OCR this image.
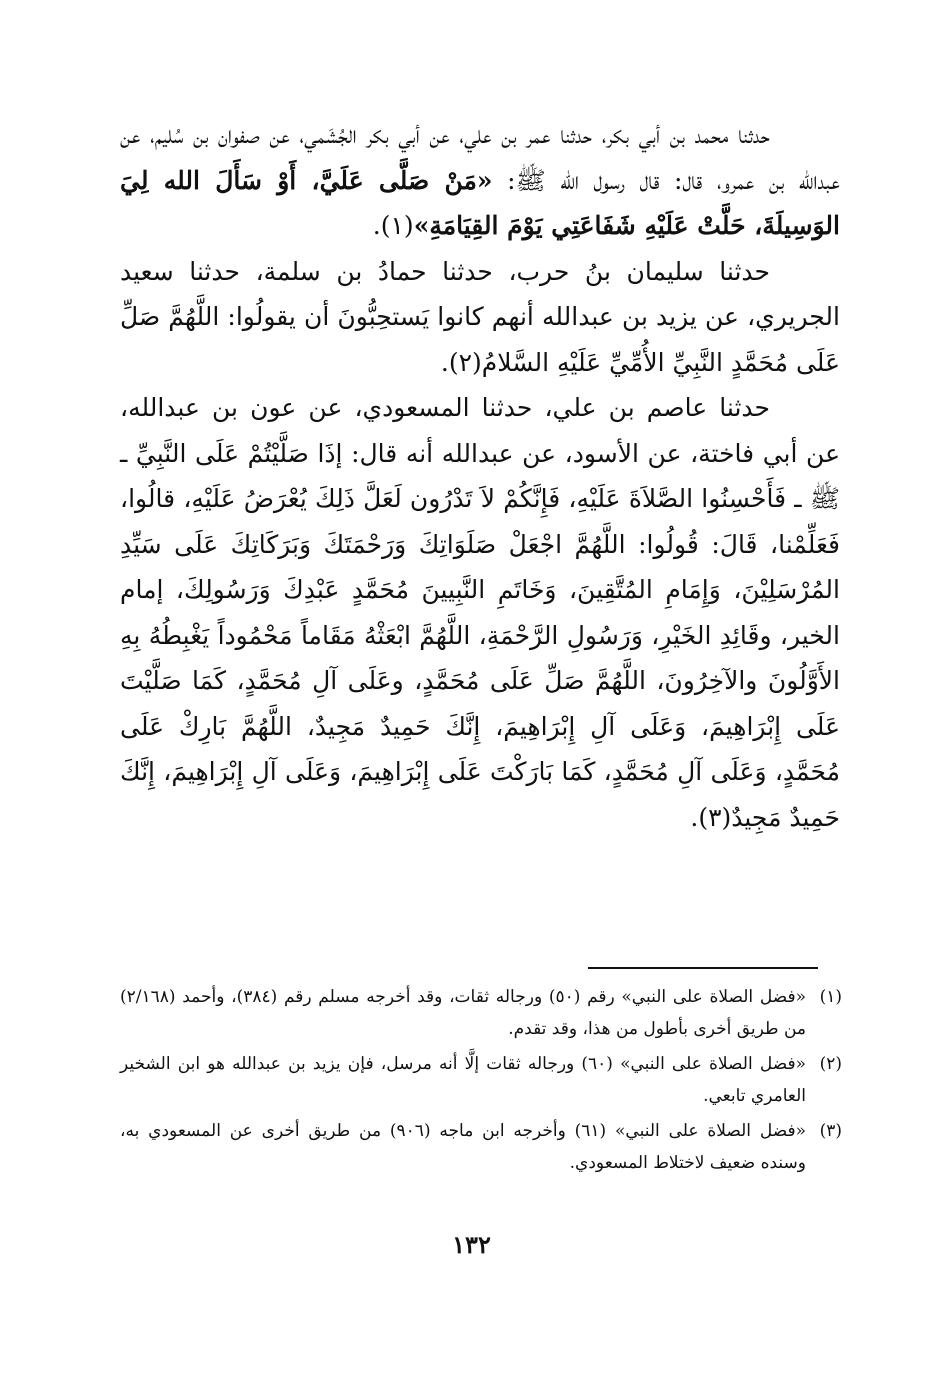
حدثنا محمد بن أبي بكر، حدثنا عمر بن علي، عن أبي بكر الجُشَمي، عن صفوان بن سُليم، عن عبدالله بن عمرو، قال: قال رسول الله ﷺ: «مَنْ صَلَّى عَلَيَّ، أَوْ سَأَلَ الله لِيَ الوَسِيلَةَ، حَلَّتْ عَلَيْهِ شَفَاعَتِي يَوْمَ القِيَامَةِ»(١).

حدثنا سليمان بنُ حرب، حدثنا حمادُ بن سلمة، حدثنا سعيد الجريري، عن يزيد بن عبدالله أنهم كانوا يَستحِبُّونَ أن يقولُوا: اللَّهُمَّ صَلِّ عَلَى مُحَمَّدٍ النَّبِيِّ الأُمِّيِّ عَلَيْهِ السَّلامُ(٢).

حدثنا عاصم بن علي، حدثنا المسعودي، عن عون بن عبدالله، عن أبي فاختة، عن الأسود، عن عبدالله أنه قال: إذَا صَلَّيْتُمْ عَلَى النَّبِيِّ ـ ﷺ ـ فَأَحْسِنُوا الصَّلاَةَ عَلَيْهِ، فَإِنَّكُمْ لاَ تَدْرُون لَعَلَّ ذَلِكَ يُعْرَضُ عَلَيْهِ، قالُوا، فَعَلِّمْنا، قَالَ: قُولُوا: اللَّهُمَّ اجْعَلْ صَلَوَاتِكَ وَرَحْمَتَكَ وَبَرَكَاتِكَ عَلَى سَيِّدِ المُرْسَلِيْنَ، وَإِمَامِ المُتَّقِينَ، وَخَاتَمِ النَّبِيينَ مُحَمَّدٍ عَبْدِكَ وَرَسُولِكَ، إمام الخير، وقَائِدِ الخَيْرِ، وَرَسُولِ الرَّحْمَةِ، اللَّهُمَّ ابْعَثْهُ مَقَاماً مَحْمُوداً يَغْبِطُهُ بِهِ الأَوَّلُونَ والآخِرُونَ، اللَّهُمَّ صَلِّ عَلَى مُحَمَّدٍ، وعَلَى آلِ مُحَمَّدٍ، كَمَا صَلَّيْتَ عَلَى إِبْرَاهِيمَ، وَعَلَى آلِ إِبْرَاهِيمَ، إِنَّكَ حَمِيدٌ مَجِيدٌ، اللَّهُمَّ بَارِكْ عَلَى مُحَمَّدٍ، وَعَلَى آلِ مُحَمَّدٍ، كَمَا بَارَكْتَ عَلَى إِبْرَاهِيمَ، وَعَلَى آلِ إِبْرَاهِيمَ، إِنَّكَ حَمِيدٌ مَجِيدٌ(٣).

(١)«فضل الصلاة على النبي» رقم (٥٠) ورجاله ثقات، وقد أخرجه مسلم رقم (٣٨٤)، وأحمد (٢/١٦٨) من طريق أخرى بأطول من هذا، وقد تقدم.

(٢)«فضل الصلاة على النبي» (٦٠) ورجاله ثقات إلَّا أنه مرسل، فإن يزيد بن عبدالله هو ابن الشخير العامري تابعي.

(٣)«فضل الصلاة على النبي» (٦١) وأخرجه ابن ماجه (٩٠٦) من طريق أخرى عن المسعودي به، وسنده ضعيف لاختلاط المسعودي.

١٣٢
